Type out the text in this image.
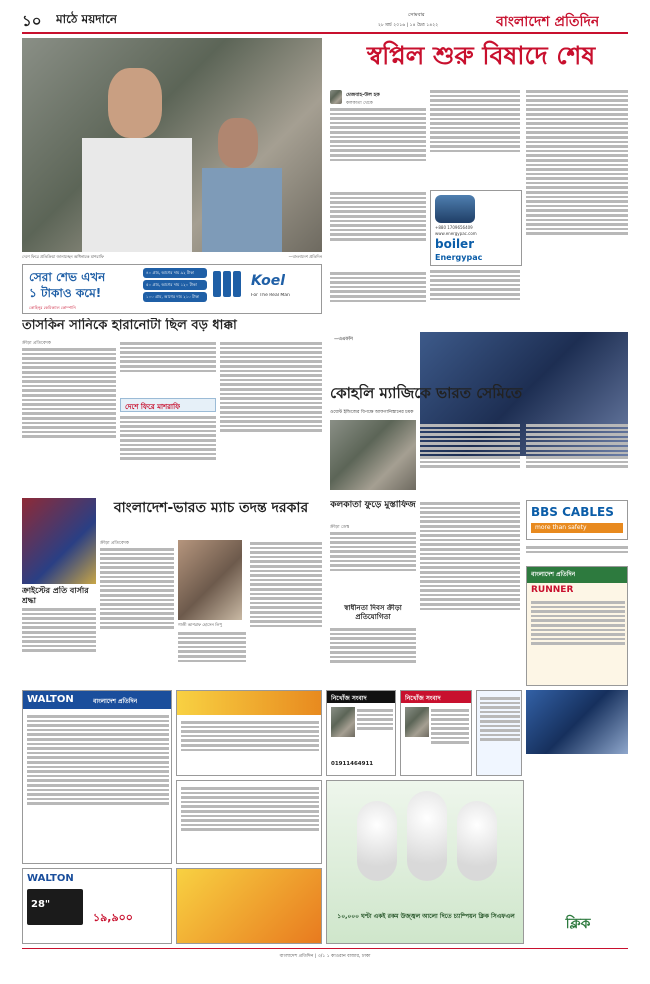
১০ মাঠে ময়দানে	সোমবার
২৮ মার্চ ২০১৬ | ১৪ চৈত্র ১৪২২	বাংলাদেশ প্রতিদিন
দেশে ফিরে প্রতিক্রিয়া জানাচ্ছেন অধিনায়ক মাশরাফি	—বাংলাদেশ প্রতিদিন
স্বপ্নিল শুরু বিষাদে শেষ
মেজবাহ-উল হক
কলকাতা থেকে
+880 1709656409
www.energypac.com
boiler
Energypac
সেরা শেভ এখন
১ টাকাও কমে!
কোহিনূর কেমিক্যাল কোম্পানি
৪০ গ্রাম, আগের দাম ৯২ টাকা
৫০ গ্রাম, আগের দাম ১২০ টাকা
১০০ গ্রাম, আগের দাম ২১০ টাকা
Koel
For The Real Man
তাসকিন সানিকে হারানোটা ছিল বড় ধাক্কা
ক্রীড়া প্রতিবেদক
দেশে ফিরে মাশরাফি
—এএফপি
কোহলি ম্যাজিকে ভারত সেমিতে
ওয়েস্ট ইন্ডিজের বিপক্ষে আফগানিস্তানের চমক
ক্রাইস্টের প্রতি বার্সার শ্রদ্ধা
বাংলাদেশ-ভারত ম্যাচ তদন্ত দরকার
ক্রীড়া প্রতিবেদক
গাজী আশরাফ হোসেন লিপু
কলকাতা ফুড়ে মুস্তাফিজ
ক্রীড়া ডেস্ক
স্বাধীনতা দিবস ক্রীড়া প্রতিযোগিতা
BBS CABLES
more than safety
বাংলাদেশ প্রতিদিন
RUNNER
WALTON	বাংলাদেশ প্রতিদিন	নিখোঁজ সংবাদ
01911464911
নিখোঁজ সংবাদ
WALTON
28"
১৯,৯০০	১০,০০০ ঘণ্টা একই রকম উজ্জ্বল আলো দিতে চ্যাম্পিয়ন ক্লিক সিএফএল	ক্লিক
বাংলাদেশ প্রতিদিন | ৩/১ ১ কাওরান বাজার, ঢাকা
